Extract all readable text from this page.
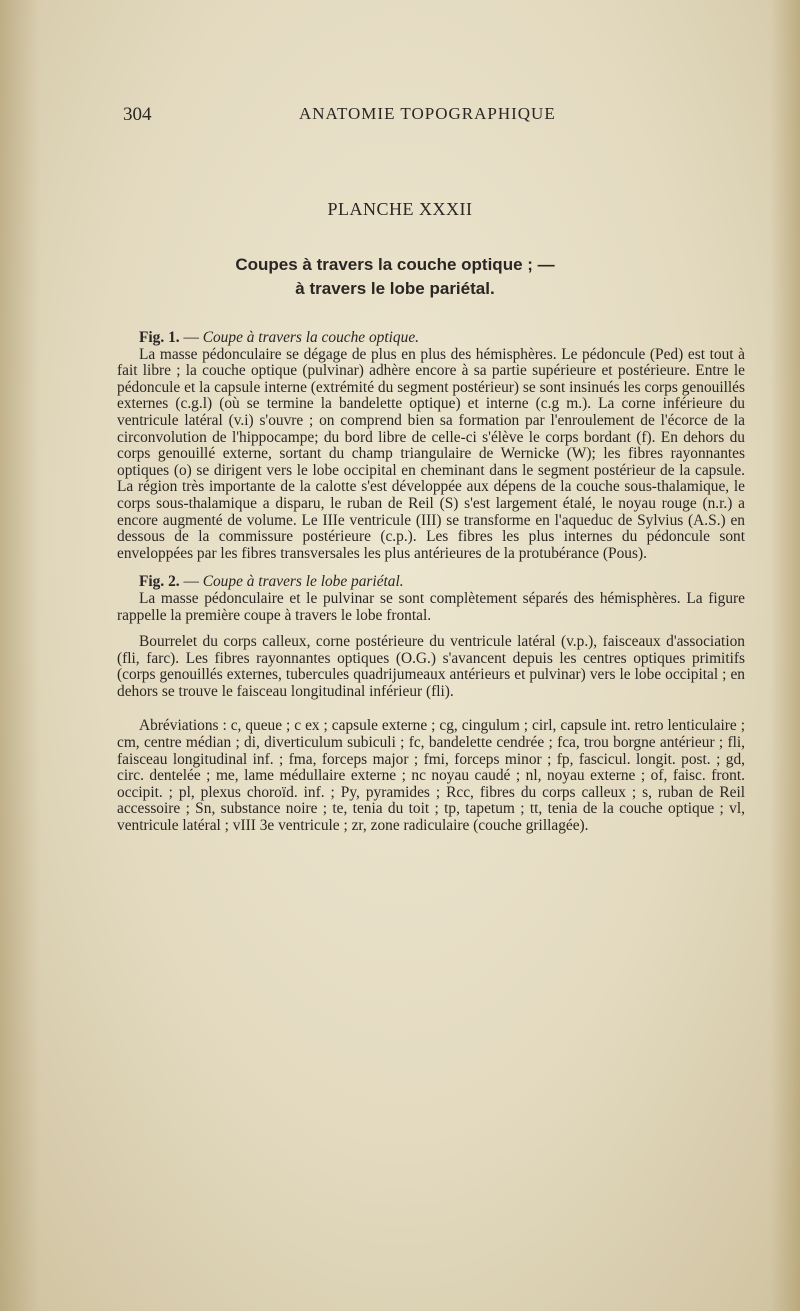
304	ANATOMIE TOPOGRAPHIQUE
PLANCHE XXXII
Coupes à travers la couche optique ; —
à travers le lobe pariétal.

Fig. 1. — Coupe à travers la couche optique.

La masse pédonculaire se dégage de plus en plus des hémisphères. Le pédoncule (Ped) est tout à fait libre ; la couche optique (pulvinar) adhère encore à sa partie supérieure et postérieure. Entre le pédoncule et la capsule interne (extrémité du segment postérieur) se sont insinués les corps genouillés externes (c.g.l) (où se termine la bandelette optique) et interne (c.g m.). La corne inférieure du ventricule latéral (v.i) s'ouvre ; on comprend bien sa formation par l'enroulement de l'écorce de la circonvolution de l'hippocampe; du bord libre de celle-ci s'élève le corps bordant (f). En dehors du corps genouillé externe, sortant du champ triangulaire de Wernicke (W); les fibres rayonnantes optiques (o) se dirigent vers le lobe occipital en cheminant dans le segment postérieur de la capsule. La région très importante de la calotte s'est développée aux dépens de la couche sous-thalamique, le corps sous-thalamique a disparu, le ruban de Reil (S) s'est largement étalé, le noyau rouge (n.r.) a encore augmenté de volume. Le IIIe ventricule (III) se transforme en l'aqueduc de Sylvius (A.S.) en dessous de la commissure postérieure (c.p.). Les fibres les plus internes du pédoncule sont enveloppées par les fibres transversales les plus antérieures de la protubérance (Pous).

Fig. 2. — Coupe à travers le lobe pariétal.

La masse pédonculaire et le pulvinar se sont complètement séparés des hémisphères. La figure rappelle la première coupe à travers le lobe frontal.

Bourrelet du corps calleux, corne postérieure du ventricule latéral (v.p.), faisceaux d'association (fli, farc). Les fibres rayonnantes optiques (O.G.) s'avancent depuis les centres optiques primitifs (corps genouillés externes, tubercules quadrijumeaux antérieurs et pulvinar) vers le lobe occipital ; en dehors se trouve le faisceau longitudinal inférieur (fli).

Abréviations : c, queue ; c ex ; capsule externe ; cg, cingulum ; cirl, capsule int. retro lenticulaire ; cm, centre médian ; di, diverticulum subiculi ; fc, bandelette cendrée ; fca, trou borgne antérieur ; fli, faisceau longitudinal inf. ; fma, forceps major ; fmi, forceps minor ; fp, fascicul. longit. post. ; gd, circ. dentelée ; me, lame médullaire externe ; nc noyau caudé ; nl, noyau externe ; of, faisc. front. occipit. ; pl, plexus choroïd. inf. ; Py, pyramides ; Rcc, fibres du corps calleux ; s, ruban de Reil accessoire ; Sn, substance noire ; te, tenia du toit ; tp, tapetum ; tt, tenia de la couche optique ; vl, ventricule latéral ; vIII 3e ventricule ; zr, zone radiculaire (couche grillagée).
